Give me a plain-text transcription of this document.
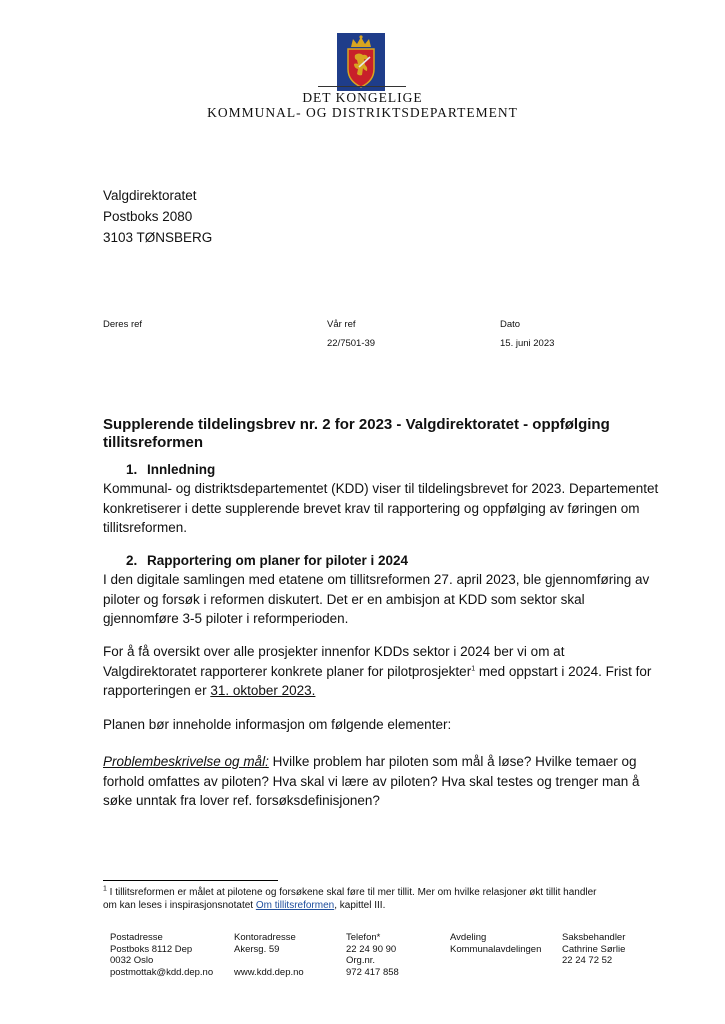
DET KONGELIGE
KOMMUNAL- OG DISTRIKTSDEPARTEMENT
Valgdirektoratet
Postboks 2080
3103 TØNSBERG
Deres ref	Vår ref
22/7501-39
Dato
15. juni 2023
Supplerende tildelingsbrev nr. 2 for 2023 - Valgdirektoratet - oppfølging
tillitsreformen
1. Innledning
Kommunal- og distriktsdepartementet (KDD) viser til tildelingsbrevet for 2023. Departementet
konkretiserer i dette supplerende brevet krav til rapportering og oppfølging av føringen om
tillitsreformen.
2. Rapportering om planer for piloter i 2024
I den digitale samlingen med etatene om tillitsreformen 27. april 2023, ble gjennomføring av
piloter og forsøk i reformen diskutert. Det er en ambisjon at KDD som sektor skal
gjennomføre 3-5 piloter i reformperioden.
For å få oversikt over alle prosjekter innenfor KDDs sektor i 2024 ber vi om at
Valgdirektoratet rapporterer konkrete planer for pilotprosjekter$^1$ med oppstart i 2024. Frist for
rapporteringen er 31. oktober 2023.
Planen bør inneholde informasjon om følgende elementer:
Problembeskrivelse og mål: Hvilke problem har piloten som mål å løse? Hvilke temaer og
forhold omfattes av piloten? Hva skal vi lære av piloten? Hva skal testes og trenger man å
søke unntak fra lover ref. forsøksdefinisjonen?
$^1$ I tillitsreformen er målet at pilotene og forsøkene skal føre til mer tillit. Mer om hvilke relasjoner økt tillit handler
om kan leses i inspirasjonsnotatet Om tillitsreformen, kapittel III.
Postadresse
Postboks 8112 Dep
0032 Oslo
postmottak@kdd.dep.no
Kontoradresse
Akersg. 59
www.kdd.dep.no
Telefon*
22 24 90 90
Org.nr.
972 417 858
Avdeling
Kommunalavdelingen
Saksbehandler
Cathrine Sørlie
22 24 72 52
